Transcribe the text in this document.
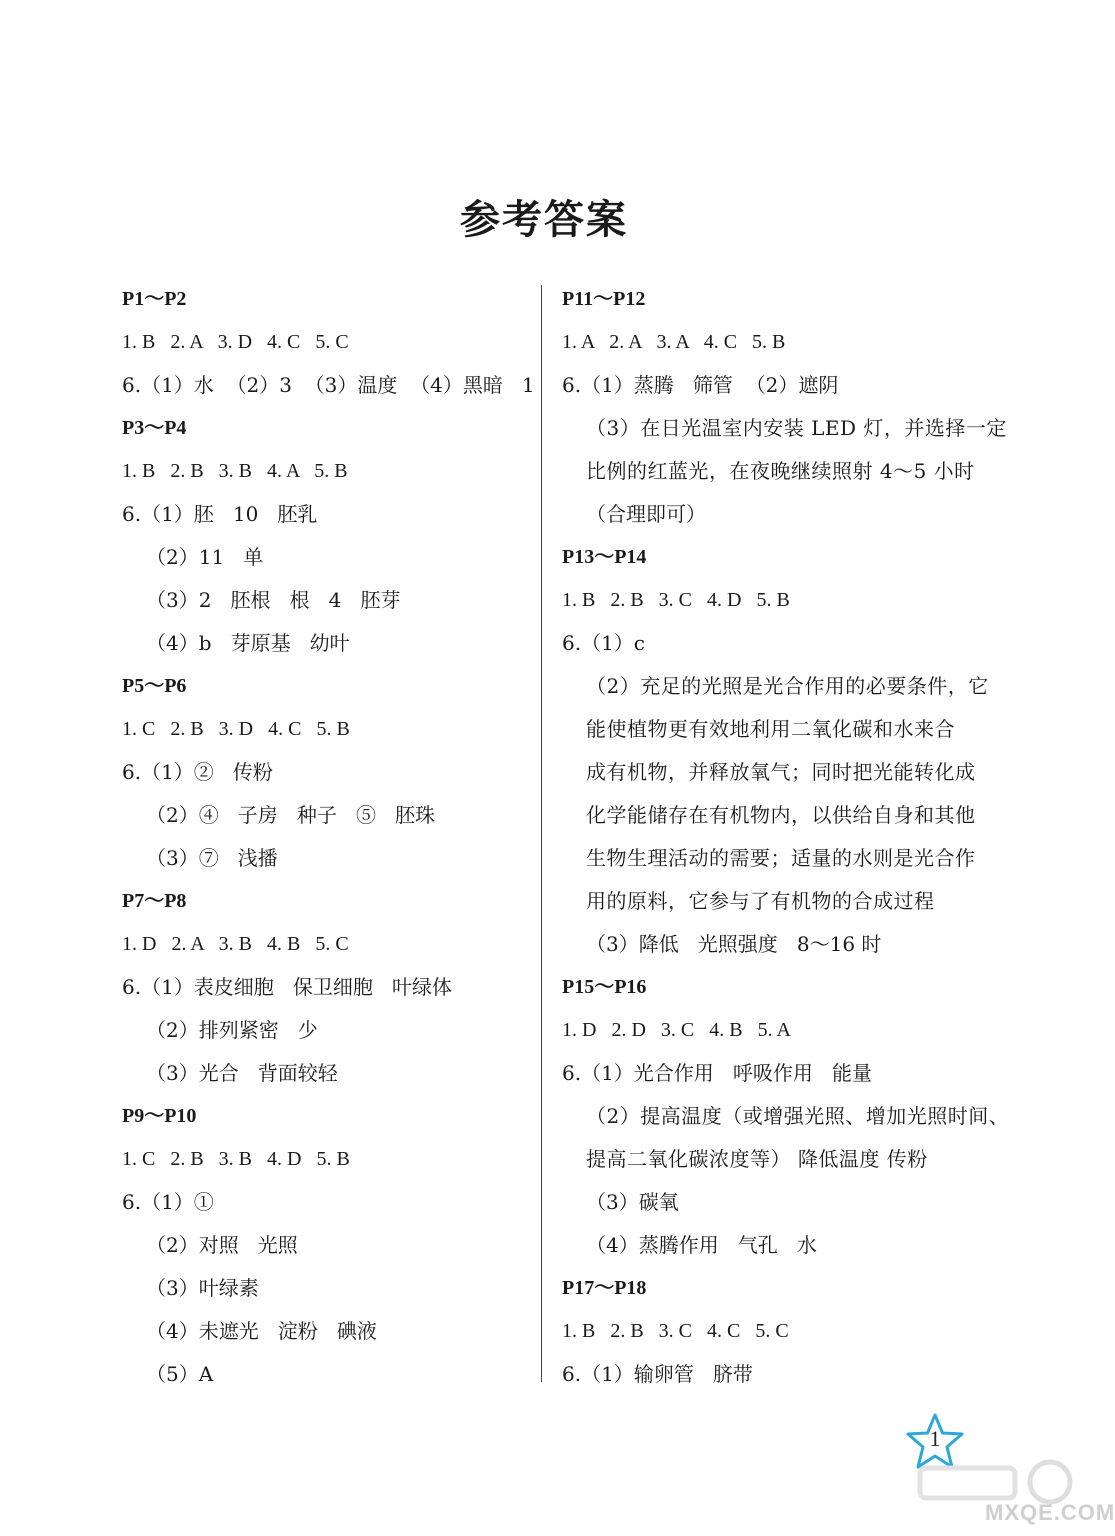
参考答案
P1～P2
1. B   2. A   3. D   4. C   5. C
6.（1）水  （2）3  （3）温度  （4）黑暗   1
P3～P4
1. B   2. B   3. B   4. A   5. B
6.（1）胚   10   胚乳
（2）11   单
（3）2   胚根   根   4   胚芽
（4）b   芽原基   幼叶
P5～P6
1. C   2. B   3. D   4. C   5. B
6.（1）②   传粉
（2）④   子房   种子   ⑤   胚珠
（3）⑦   浅播
P7～P8
1. D   2. A   3. B   4. B   5. C
6.（1）表皮细胞   保卫细胞   叶绿体
（2）排列紧密   少
（3）光合   背面较轻
P9～P10
1. C   2. B   3. B   4. D   5. B
6.（1）①
（2）对照   光照
（3）叶绿素
（4）未遮光   淀粉   碘液
（5）A
P11～P12
1. A   2. A   3. A   4. C   5. B
6.（1）蒸腾   筛管  （2）遮阴
（3）在日光温室内安装 LED 灯，并选择一定
比例的红蓝光，在夜晚继续照射 4～5 小时
（合理即可）
P13～P14
1. B   2. B   3. C   4. D   5. B
6.（1）c
（2）充足的光照是光合作用的必要条件，它
能使植物更有效地利用二氧化碳和水来合
成有机物，并释放氧气；同时把光能转化成
化学能储存在有机物内，以供给自身和其他
生物生理活动的需要；适量的水则是光合作
用的原料，它参与了有机物的合成过程
（3）降低   光照强度   8～16 时
P15～P16
1. D   2. D   3. C   4. B   5. A
6.（1）光合作用   呼吸作用   能量
（2）提高温度（或增强光照、增加光照时间、
提高二氧化碳浓度等） 降低温度 传粉
（3）碳氧
（4）蒸腾作用   气孔   水
P17～P18
1. B   2. B   3. C   4. C   5. C
6.（1）输卵管   脐带
1
MXQE.COM
